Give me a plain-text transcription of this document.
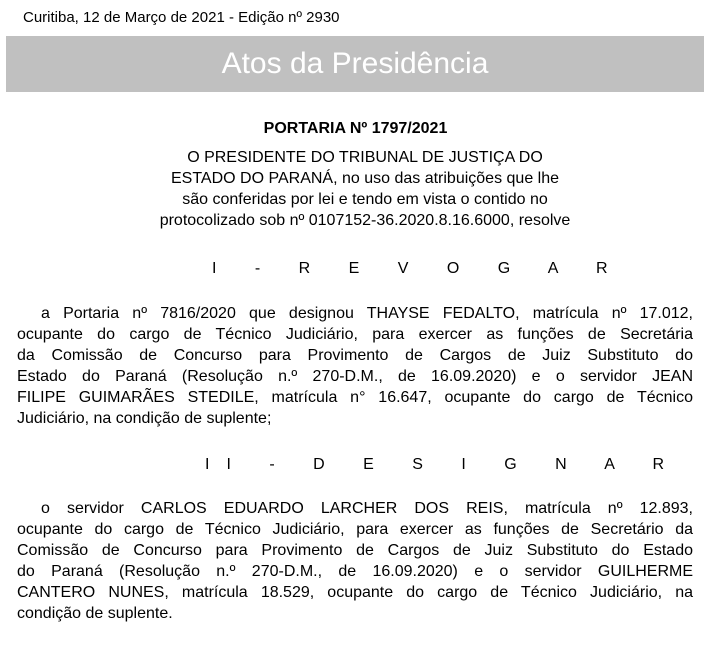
Curitiba, 12 de Março de 2021 - Edição nº 2930
Atos da Presidência
PORTARIA Nº 1797/2021
O PRESIDENTE DO TRIBUNAL DE JUSTIÇA DO
ESTADO DO PARANÁ, no uso das atribuições que lhe
são conferidas por lei e tendo em vista o contido no
protocolizado sob nº 0107152-36.2020.8.16.6000, resolve
I - R E V O G A R
a Portaria nº 7816/2020 que designou THAYSE FEDALTO, matrícula nº 17.012,
ocupante do cargo de Técnico Judiciário, para exercer as funções de Secretária
da Comissão de Concurso para Provimento de Cargos de Juiz Substituto do
Estado do Paraná (Resolução n.º 270-D.M., de 16.09.2020) e o servidor JEAN
FILIPE GUIMARÃES STEDILE, matrícula n° 16.647, ocupante do cargo de Técnico
Judiciário, na condição de suplente;
II - D E S I G N A R
o servidor CARLOS EDUARDO LARCHER DOS REIS, matrícula nº 12.893,
ocupante do cargo de Técnico Judiciário, para exercer as funções de Secretário da
Comissão de Concurso para Provimento de Cargos de Juiz Substituto do Estado
do Paraná (Resolução n.º 270-D.M., de 16.09.2020) e o servidor GUILHERME
CANTERO NUNES, matrícula 18.529, ocupante do cargo de Técnico Judiciário, na
condição de suplente.
